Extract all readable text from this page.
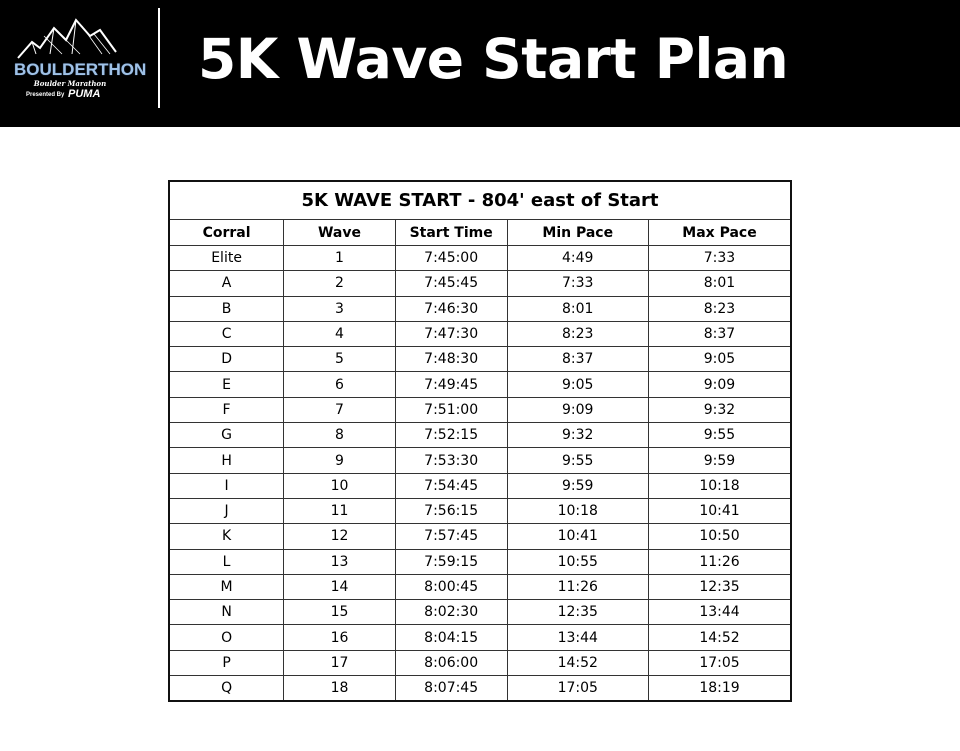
BOULDERTHON
Boulder Marathon
Presented By PUMA
5K Wave Start Plan
5K WAVE START - 804' east of Start				
Corral	Wave	Start Time	Min Pace	Max Pace
Elite	1	7:45:00	4:49	7:33
A	2	7:45:45	7:33	8:01
B	3	7:46:30	8:01	8:23
C	4	7:47:30	8:23	8:37
D	5	7:48:30	8:37	9:05
E	6	7:49:45	9:05	9:09
F	7	7:51:00	9:09	9:32
G	8	7:52:15	9:32	9:55
H	9	7:53:30	9:55	9:59
I	10	7:54:45	9:59	10:18
J	11	7:56:15	10:18	10:41
K	12	7:57:45	10:41	10:50
L	13	7:59:15	10:55	11:26
M	14	8:00:45	11:26	12:35
N	15	8:02:30	12:35	13:44
O	16	8:04:15	13:44	14:52
P	17	8:06:00	14:52	17:05
Q	18	8:07:45	17:05	18:19
